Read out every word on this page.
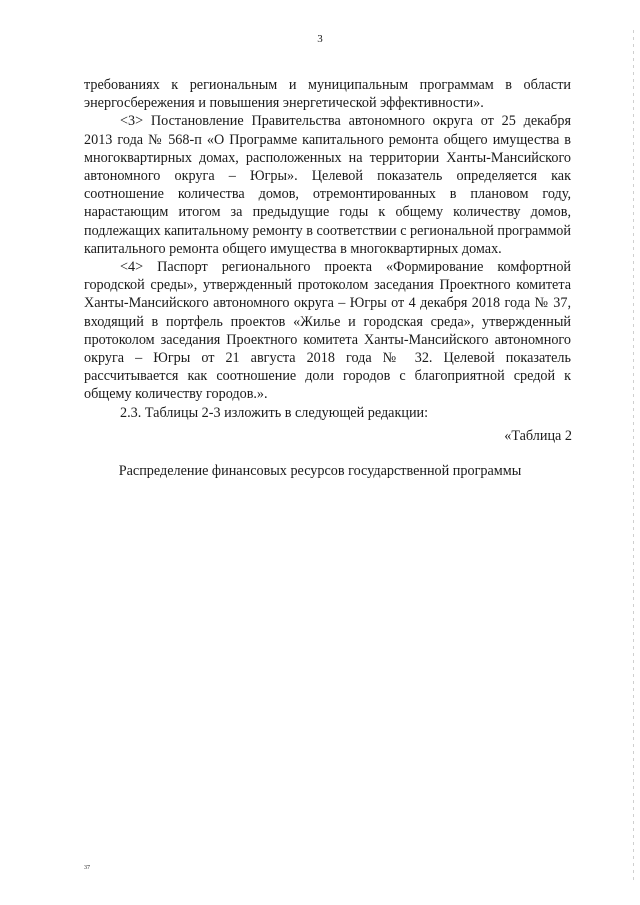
3

требованиях к региональным и муниципальным программам в области энергосбережения и повышения энергетической эффективности».

<3> Постановление Правительства автономного округа от 25 декабря 2013 года № 568-п «О Программе капитального ремонта общего имущества в многоквартирных домах, расположенных на территории Ханты-Мансийского автономного округа – Югры». Целевой показатель определяется как соотношение количества домов, отремонтированных в плановом году, нарастающим итогом за предыдущие годы к общему количеству домов, подлежащих капитальному ремонту в соответствии с региональной программой капитального ремонта общего имущества в многоквартирных домах.

<4> Паспорт регионального проекта «Формирование комфортной городской среды», утвержденный протоколом заседания Проектного комитета Ханты-Мансийского автономного округа – Югры от 4 декабря 2018 года № 37, входящий в портфель проектов «Жилье и городская среда», утвержденный протоколом заседания Проектного комитета Ханты-Мансийского автономного округа – Югры от 21 августа 2018 года № 32. Целевой показатель рассчитывается как соотношение доли городов с благоприятной средой к общему количеству городов.».

2.3. Таблицы 2-3 изложить в следующей редакции:

«Таблица 2
Распределение финансовых ресурсов государственной программы
37
